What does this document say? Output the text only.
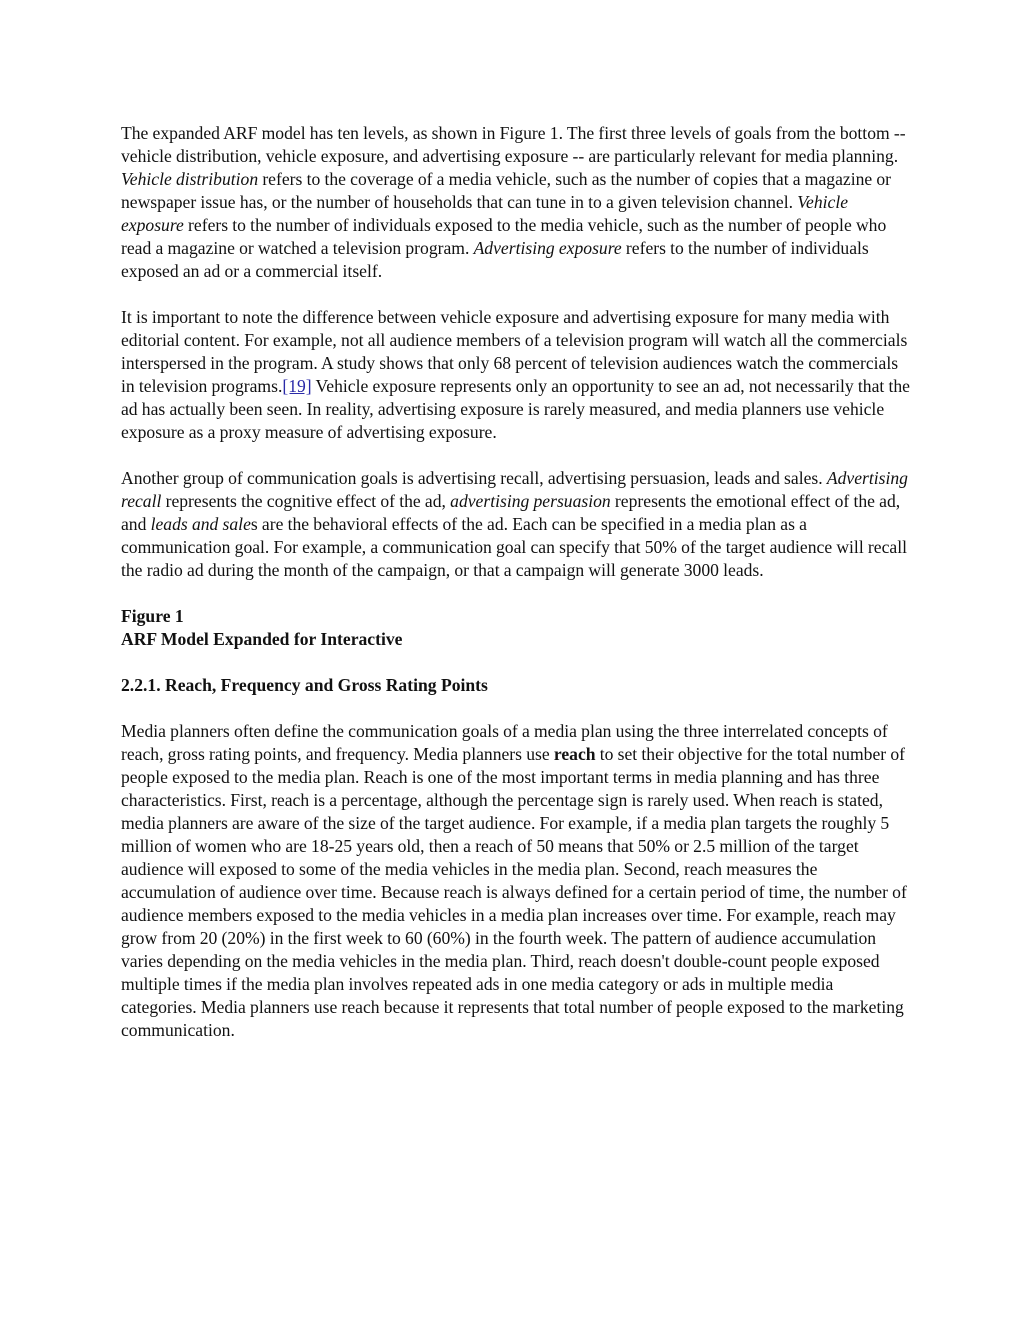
The expanded ARF model has ten levels, as shown in Figure 1. The first three levels of goals from the bottom -- vehicle distribution, vehicle exposure, and advertising exposure -- are particularly relevant for media planning. Vehicle distribution refers to the coverage of a media vehicle, such as the number of copies that a magazine or newspaper issue has, or the number of households that can tune in to a given television channel. Vehicle exposure refers to the number of individuals exposed to the media vehicle, such as the number of people who read a magazine or watched a television program. Advertising exposure refers to the number of individuals exposed an ad or a commercial itself.

It is important to note the difference between vehicle exposure and advertising exposure for many media with editorial content. For example, not all audience members of a television program will watch all the commercials interspersed in the program. A study shows that only 68 percent of television audiences watch the commercials in television programs.[19] Vehicle exposure represents only an opportunity to see an ad, not necessarily that the ad has actually been seen. In reality, advertising exposure is rarely measured, and media planners use vehicle exposure as a proxy measure of advertising exposure.

Another group of communication goals is advertising recall, advertising persuasion, leads and sales. Advertising recall represents the cognitive effect of the ad, advertising persuasion represents the emotional effect of the ad, and leads and sales are the behavioral effects of the ad. Each can be specified in a media plan as a communication goal. For example, a communication goal can specify that 50% of the target audience will recall the radio ad during the month of the campaign, or that a campaign will generate 3000 leads.

Figure 1

ARF Model Expanded for Interactive

2.2.1. Reach, Frequency and Gross Rating Points

Media planners often define the communication goals of a media plan using the three interrelated concepts of reach, gross rating points, and frequency. Media planners use reach to set their objective for the total number of people exposed to the media plan. Reach is one of the most important terms in media planning and has three characteristics. First, reach is a percentage, although the percentage sign is rarely used. When reach is stated, media planners are aware of the size of the target audience. For example, if a media plan targets the roughly 5 million of women who are 18-25 years old, then a reach of 50 means that 50% or 2.5 million of the target audience will exposed to some of the media vehicles in the media plan. Second, reach measures the accumulation of audience over time. Because reach is always defined for a certain period of time, the number of audience members exposed to the media vehicles in a media plan increases over time. For example, reach may grow from 20 (20%) in the first week to 60 (60%) in the fourth week. The pattern of audience accumulation varies depending on the media vehicles in the media plan. Third, reach doesn't double-count people exposed multiple times if the media plan involves repeated ads in one media category or ads in multiple media categories. Media planners use reach because it represents that total number of people exposed to the marketing communication.
